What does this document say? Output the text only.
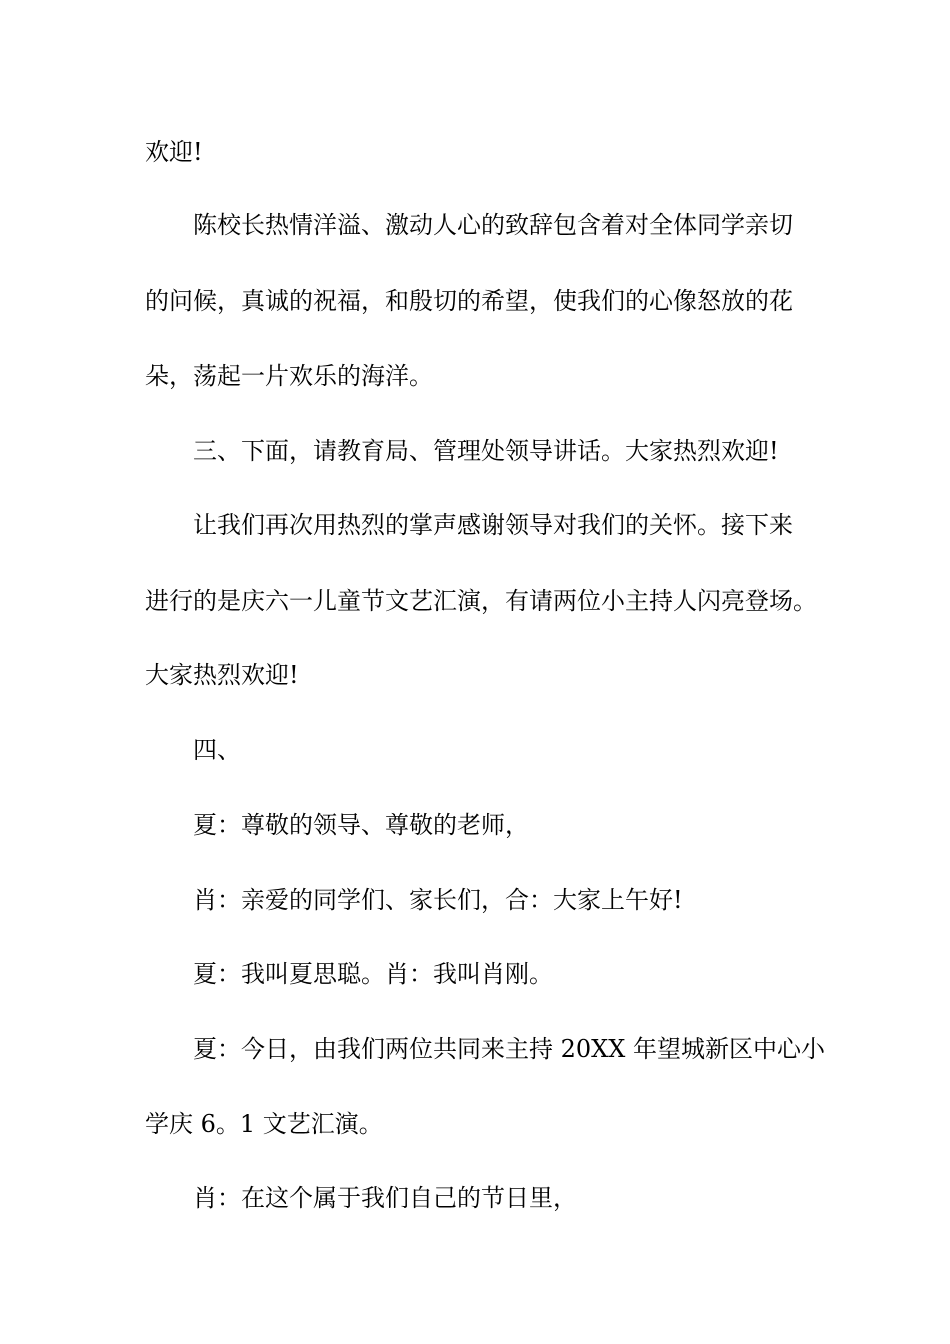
欢迎!
陈校长热情洋溢、激动人心的致辞包含着对全体同学亲切
的问候，真诚的祝福，和殷切的希望，使我们的心像怒放的花
朵，荡起一片欢乐的海洋。
三、下面，请教育局、管理处领导讲话。大家热烈欢迎!
让我们再次用热烈的掌声感谢领导对我们的关怀。接下来
进行的是庆六一儿童节文艺汇演，有请两位小主持人闪亮登场。
大家热烈欢迎!
四、
夏：尊敬的领导、尊敬的老师，
肖：亲爱的同学们、家长们，合：大家上午好!
夏：我叫夏思聪。肖：我叫肖刚。
夏：今日，由我们两位共同来主持 20XX 年望城新区中心小
学庆 6。1 文艺汇演。
肖：在这个属于我们自己的节日里，
